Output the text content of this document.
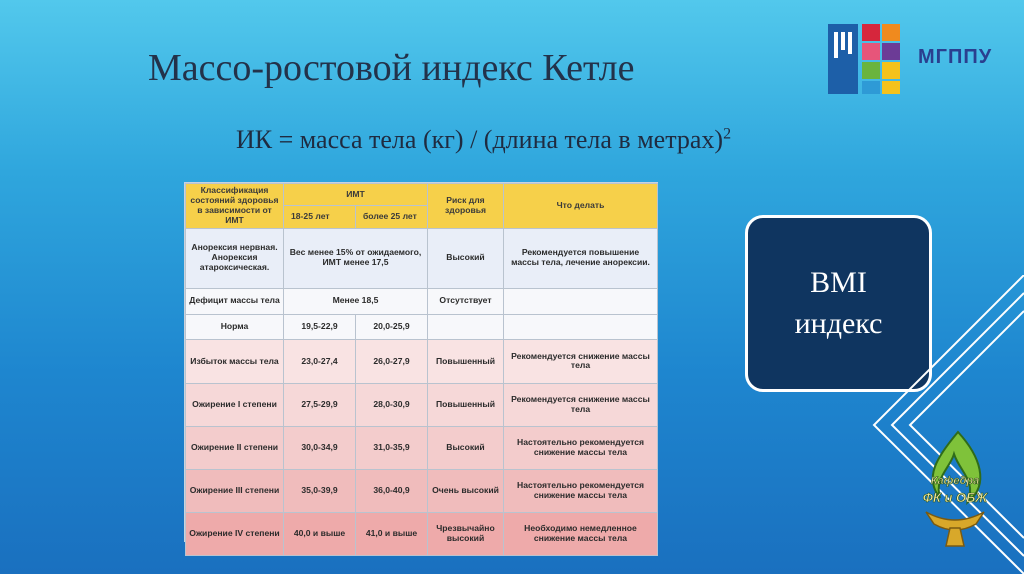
Массо-ростовой индекс Кетле
ИК = масса тела (кг) / (длина тела в метрах)$^2$
МГППУ
Классификация состояний здоровья в зависимости от ИМТ	ИМТ		Риск для здоровья	Что делать
	18-25 лет	более 25 лет		
Анорексия нервная. Анорексия атароксическая.	Вес менее 15% от ожидаемого, ИМТ менее 17,5		Высокий	Рекомендуется повышение массы тела, лечение анорексии.
Дефицит массы тела	Менее 18,5		Отсутствует	
Норма	19,5-22,9	20,0-25,9		
Избыток массы тела	23,0-27,4	26,0-27,9	Повышенный	Рекомендуется снижение массы тела
Ожирение I степени	27,5-29,9	28,0-30,9	Повышенный	Рекомендуется снижение массы тела
Ожирение II степени	30,0-34,9	31,0-35,9	Высокий	Настоятельно рекомендуется снижение массы тела
Ожирение III степени	35,0-39,9	36,0-40,9	Очень высокий	Настоятельно рекомендуется снижение массы тела
Ожирение IV степени	40,0 и выше	41,0 и выше	Чрезвычайно высокий	Необходимо немедленное снижение массы тела
BMI
индекс
Кафедра
ФК и ОБЖ
